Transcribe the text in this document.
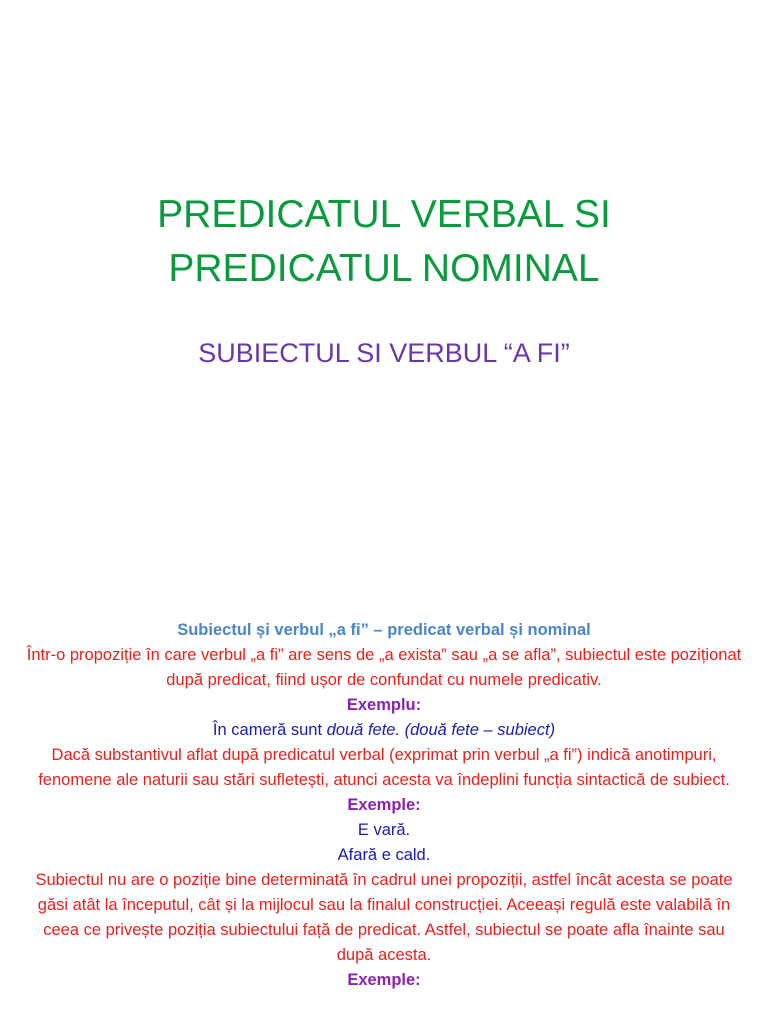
PREDICATUL VERBAL SI
PREDICATUL NOMINAL

SUBIECTUL SI VERBUL “A FI”

Subiectul și verbul „a fi” – predicat verbal și nominal

Într-o propoziție în care verbul „a fi” are sens de „a exista” sau „a se afla”, subiectul este poziționat după predicat, fiind ușor de confundat cu numele predicativ.

Exemplu:

În cameră sunt două fete. (două fete – subiect)

Dacă substantivul aflat după predicatul verbal (exprimat prin verbul „a fi”) indică anotimpuri, fenomene ale naturii sau stări sufletești, atunci acesta va îndeplini funcția sintactică de subiect.

Exemple:

E vară.

Afară e cald.

Subiectul nu are o poziție bine determinată în cadrul unei propoziții, astfel încât acesta se poate găsi atât la începutul, cât și la mijlocul sau la finalul construcției. Aceeași regulă este valabilă în ceea ce privește poziția subiectului față de predicat. Astfel, subiectul se poate afla înainte sau după acesta.

Exemple:
